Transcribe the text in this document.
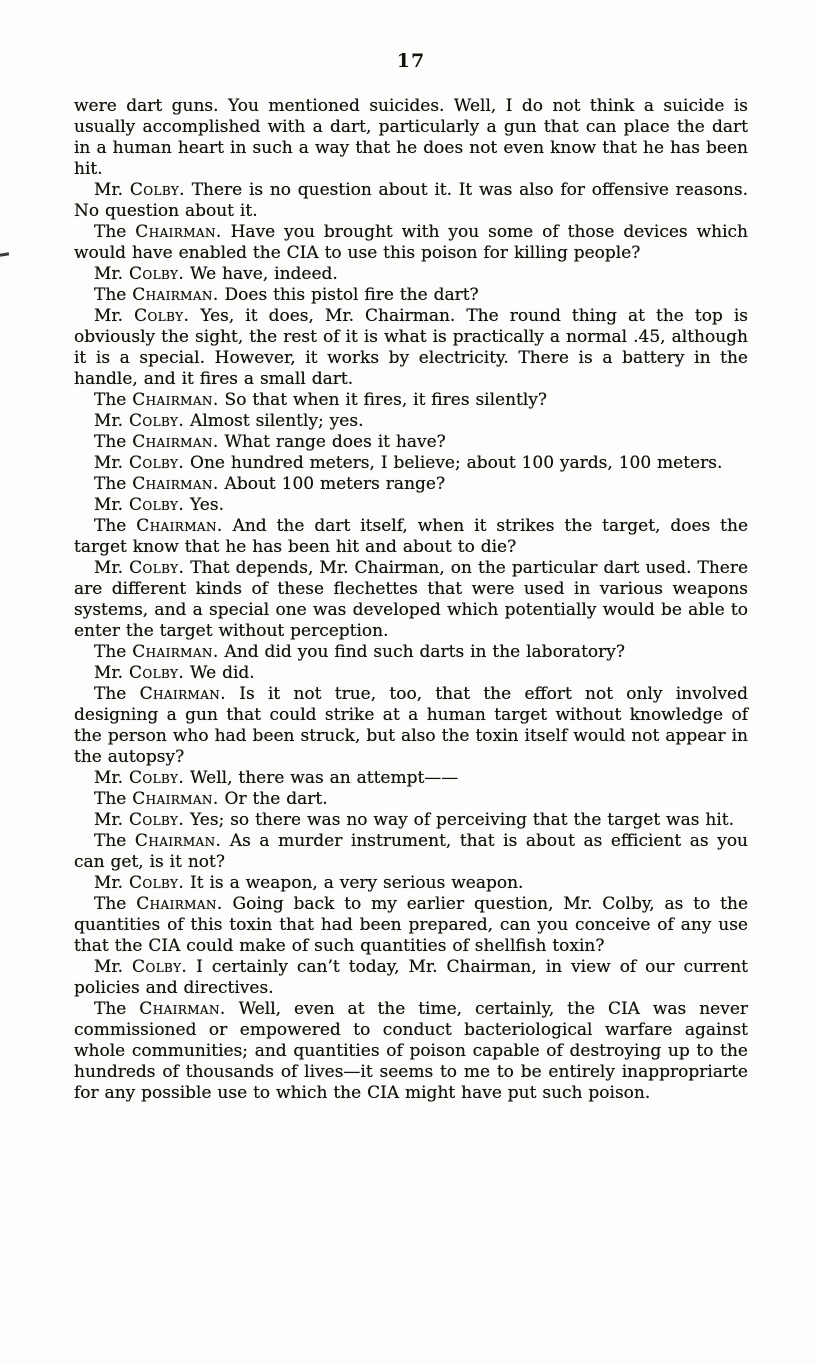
17

were dart guns. You mentioned suicides. Well, I do not think a suicide is usually accomplished with a dart, particularly a gun that can place the dart in a human heart in such a way that he does not even know that he has been hit.

Mr. Colby. There is no question about it. It was also for offensive reasons. No question about it.

The Chairman. Have you brought with you some of those devices which would have enabled the CIA to use this poison for killing people?

Mr. Colby. We have, indeed.

The Chairman. Does this pistol fire the dart?

Mr. Colby. Yes, it does, Mr. Chairman. The round thing at the top is obviously the sight, the rest of it is what is practically a normal .45, although it is a special. However, it works by electricity. There is a battery in the handle, and it fires a small dart.

The Chairman. So that when it fires, it fires silently?

Mr. Colby. Almost silently; yes.

The Chairman. What range does it have?

Mr. Colby. One hundred meters, I believe; about 100 yards, 100 meters.

The Chairman. About 100 meters range?

Mr. Colby. Yes.

The Chairman. And the dart itself, when it strikes the target, does the target know that he has been hit and about to die?

Mr. Colby. That depends, Mr. Chairman, on the particular dart used. There are different kinds of these flechettes that were used in various weapons systems, and a special one was developed which potentially would be able to enter the target without perception.

The Chairman. And did you find such darts in the laboratory?

Mr. Colby. We did.

The Chairman. Is it not true, too, that the effort not only involved designing a gun that could strike at a human target without knowledge of the person who had been struck, but also the toxin itself would not appear in the autopsy?

Mr. Colby. Well, there was an attempt——

The Chairman. Or the dart.

Mr. Colby. Yes; so there was no way of perceiving that the target was hit.

The Chairman. As a murder instrument, that is about as efficient as you can get, is it not?

Mr. Colby. It is a weapon, a very serious weapon.

The Chairman. Going back to my earlier question, Mr. Colby, as to the quantities of this toxin that had been prepared, can you conceive of any use that the CIA could make of such quantities of shellfish toxin?

Mr. Colby. I certainly can’t today, Mr. Chairman, in view of our current policies and directives.

The Chairman. Well, even at the time, certainly, the CIA was never commissioned or empowered to conduct bacteriological warfare against whole communities; and quantities of poison capable of destroying up to the hundreds of thousands of lives—it seems to me to be entirely inappropriarte for any possible use to which the CIA might have put such poison.
